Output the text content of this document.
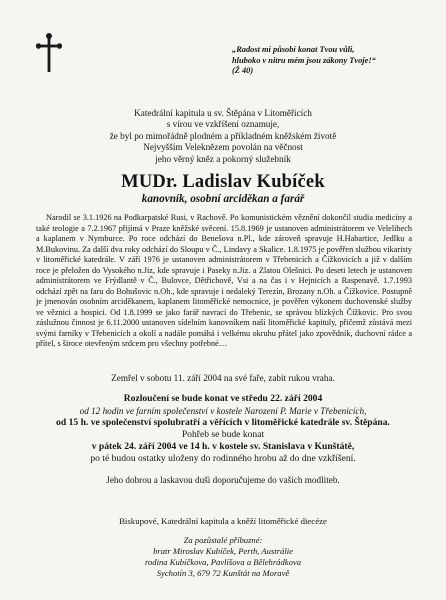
„Radost mi působí konat Tvou vůli,
hluboko v nitru mém jsou zákony Tvoje!“
(Ž 40)
Katedrální kapitula u sv. Štěpána v Litoměřicích
s vírou ve vzkříšení oznamuje,
že byl po mimořádně plodném a příkladném kněžském životě
Nejvyšším Veleknězem povolán na věčnost
jeho věrný kněz a pokorný služebník
MUDr. Ladislav Kubíček
kanovník, osobní arciděkan a farář

Narodil se 3.1.1926 na Podkarpatské Rusi, v Rachově. Po komunistickém věznění dokončil studia medicíny a také teologie a 7.2.1967 přijímá v Praze kněžské svěcení. 15.8.1969 je ustanoven administrátorem ve Velelibech a kaplanem v Nymburce. Po roce odchází do Benešova n.Pl., kde zároveň spravuje H.Habartice, Jedlku a M.Bukovinu. Za další dva roky odchází do Sloupu v Č., Lindavy a Skalice. 1.8.1975 je pověřen službou vikaristy v litoměřické katedrále. V září 1976 je ustanoven administrátorem v Třebenicích a Čížkovicích a již v dalším roce je přeložen do Vysokého n.Jiz, kde spravuje i Pasekу n.Jiz. a Zlatou Olešnici. Po deseti letech je ustanoven administrátorem ve Frýdlantě v Č., Bulovce, Dětřichově, Vsi a na čas i v Hejnicích a Raspenavě. 1.7.1993 odchází zpět na faru do Bohušovic n.Oh., kde spravuje i nedaleký Terezín, Brozany n.Oh. a Čížkovice. Postupně je jmenován osobním arciděkanem, kaplanem litoměřické nemocnice, je pověřen výkonem duchovenské služby ve věznici a hospici. Od 1.8.1999 se jako farář navrací do Třebenic, se správou blízkých Čížkovic. Pro svou záslužnou činnost je 6.11.2000 ustanoven sídelním kanovníkem naší litoměřické kapituly, přičemž zůstává mezi svými farníky v Třebenicích a okolí a nadále pomáhá i velkému okruhu přátel jako zpovědník, duchovní rádce a přítel, s široce otevřeným srdcem pro všechny potřebné…

Zemřel v sobotu 11. září 2004 na své faře, zabit rukou vraha.
Rozloučení se bude konat ve středu 22. září 2004
od 12 hodin ve farním společenství v kostele Narození P. Marie v Třebenicích,
od 15 h. ve společenství spolubratří a věřících v litoměřické katedrále sv. Štěpána.
Pohřeb se bude konat
v pátek 24. září 2004 ve 14 h. v kostele sv. Stanislava v Kunštátě,
po té budou ostatky uloženy do rodinného hrobu až do dne vzkříšení.
Jeho dobrou a laskavou duši doporučujeme do vašich modliteb.
Biskupové, Katedrální kapitula a kněží litoměřické diecéze
Za pozůstalé příbuzné:
bratr Miroslav Kubíček, Perth, Austrálie
rodina Kubíčkova, Pavlíšova a Bělehrádkova
Sychotín 3, 679 72 Kunštát na Moravě
